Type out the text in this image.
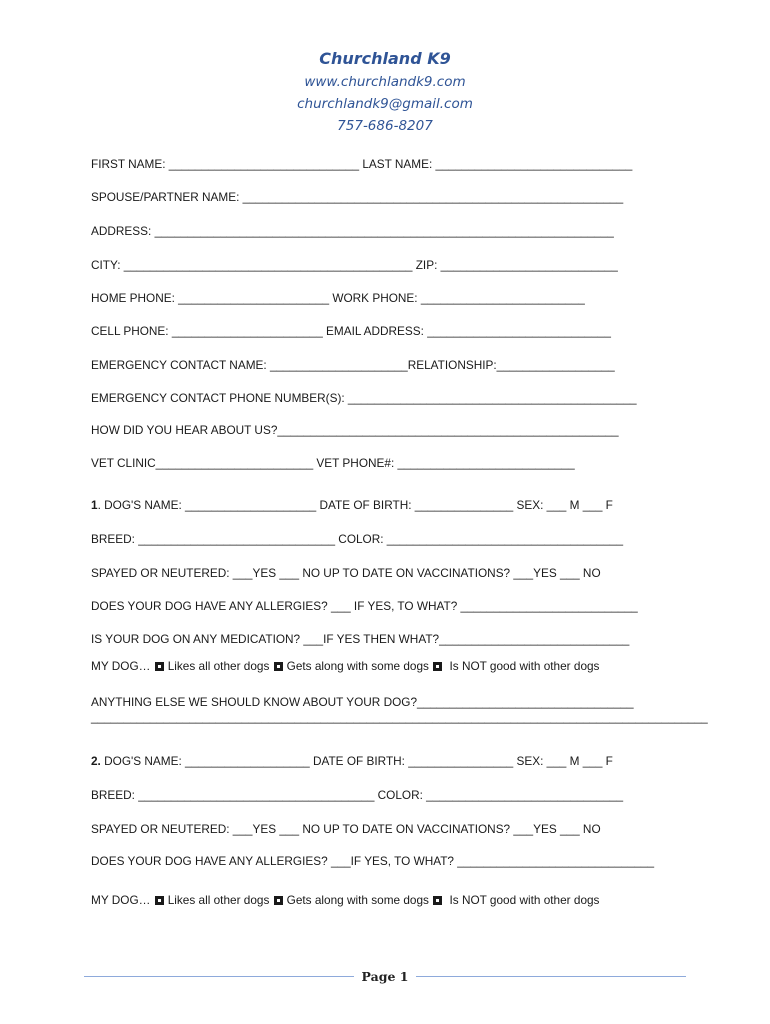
Churchland K9
www.churchlandk9.com
churchlandk9@gmail.com
757-686-8207
FIRST NAME: _____________________________ LAST NAME: ______________________________
SPOUSE/PARTNER NAME: __________________________________________________________
ADDRESS: ______________________________________________________________________
CITY: ____________________________________________ ZIP: ___________________________
HOME PHONE: _______________________ WORK PHONE: _________________________
CELL PHONE: _______________________ EMAIL ADDRESS: ____________________________
EMERGENCY CONTACT NAME: _____________________RELATIONSHIP:__________________
EMERGENCY CONTACT PHONE NUMBER(S): ____________________________________________
HOW DID YOU HEAR ABOUT US?____________________________________________________
VET CLINIC________________________ VET PHONE#: ___________________________
1. DOG'S NAME: ____________________ DATE OF BIRTH: _______________ SEX: ___ M ___ F
BREED: ______________________________ COLOR: ____________________________________
SPAYED OR NEUTERED: ___YES ___ NO UP TO DATE ON VACCINATIONS? ___YES ___ NO
DOES YOUR DOG HAVE ANY ALLERGIES? ___ IF YES, TO WHAT? ___________________________
IS YOUR DOG ON ANY MEDICATION? ___IF YES THEN WHAT?_____________________________
MY DOG… Likes all other dogs Gets along with some dogs Is NOT good with other dogs
ANYTHING ELSE WE SHOULD KNOW ABOUT YOUR DOG?_________________________________
______________________________________________________________________________________________
2. DOG'S NAME: ___________________ DATE OF BIRTH: ________________ SEX: ___ M ___ F
BREED: ____________________________________ COLOR: ______________________________
SPAYED OR NEUTERED: ___YES ___ NO UP TO DATE ON VACCINATIONS? ___YES ___ NO
DOES YOUR DOG HAVE ANY ALLERGIES? ___IF YES, TO WHAT? ______________________________
MY DOG… Likes all other dogs Gets along with some dogs Is NOT good with other dogs
Page 1
